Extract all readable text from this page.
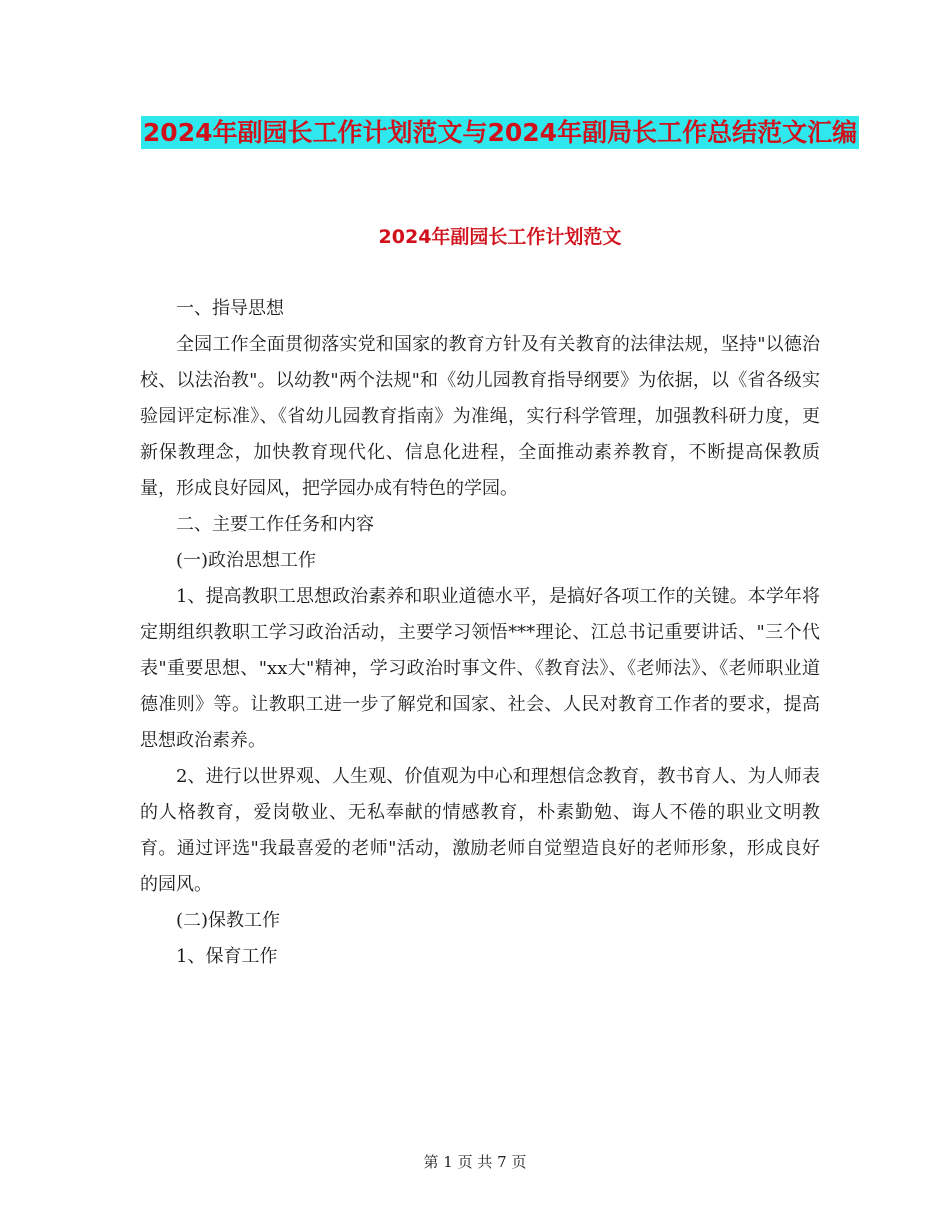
2024年副园长工作计划范文与2024年副局长工作总结范文汇编
2024年副园长工作计划范文

一、指导思想

全园工作全面贯彻落实党和国家的教育方针及有关教育的法律法规，坚持"以德治校、以法治教"。以幼教"两个法规"和《幼儿园教育指导纲要》为依据，以《省各级实验园评定标准》、《省幼儿园教育指南》为准绳，实行科学管理，加强教科研力度，更新保教理念，加快教育现代化、信息化进程，全面推动素养教育，不断提高保教质量，形成良好园风，把学园办成有特色的学园。

二、主要工作任务和内容

(一)政治思想工作

1、提高教职工思想政治素养和职业道德水平，是搞好各项工作的关键。本学年将定期组织教职工学习政治活动，主要学习领悟***理论、江总书记重要讲话、"三个代表"重要思想、"xx大"精神，学习政治时事文件、《教育法》、《老师法》、《老师职业道德准则》等。让教职工进一步了解党和国家、社会、人民对教育工作者的要求，提高思想政治素养。

2、进行以世界观、人生观、价值观为中心和理想信念教育，教书育人、为人师表的人格教育，爱岗敬业、无私奉献的情感教育，朴素勤勉、诲人不倦的职业文明教育。通过评选"我最喜爱的老师"活动，激励老师自觉塑造良好的老师形象，形成良好的园风。

(二)保教工作

1、保育工作

第 1 页 共 7 页
